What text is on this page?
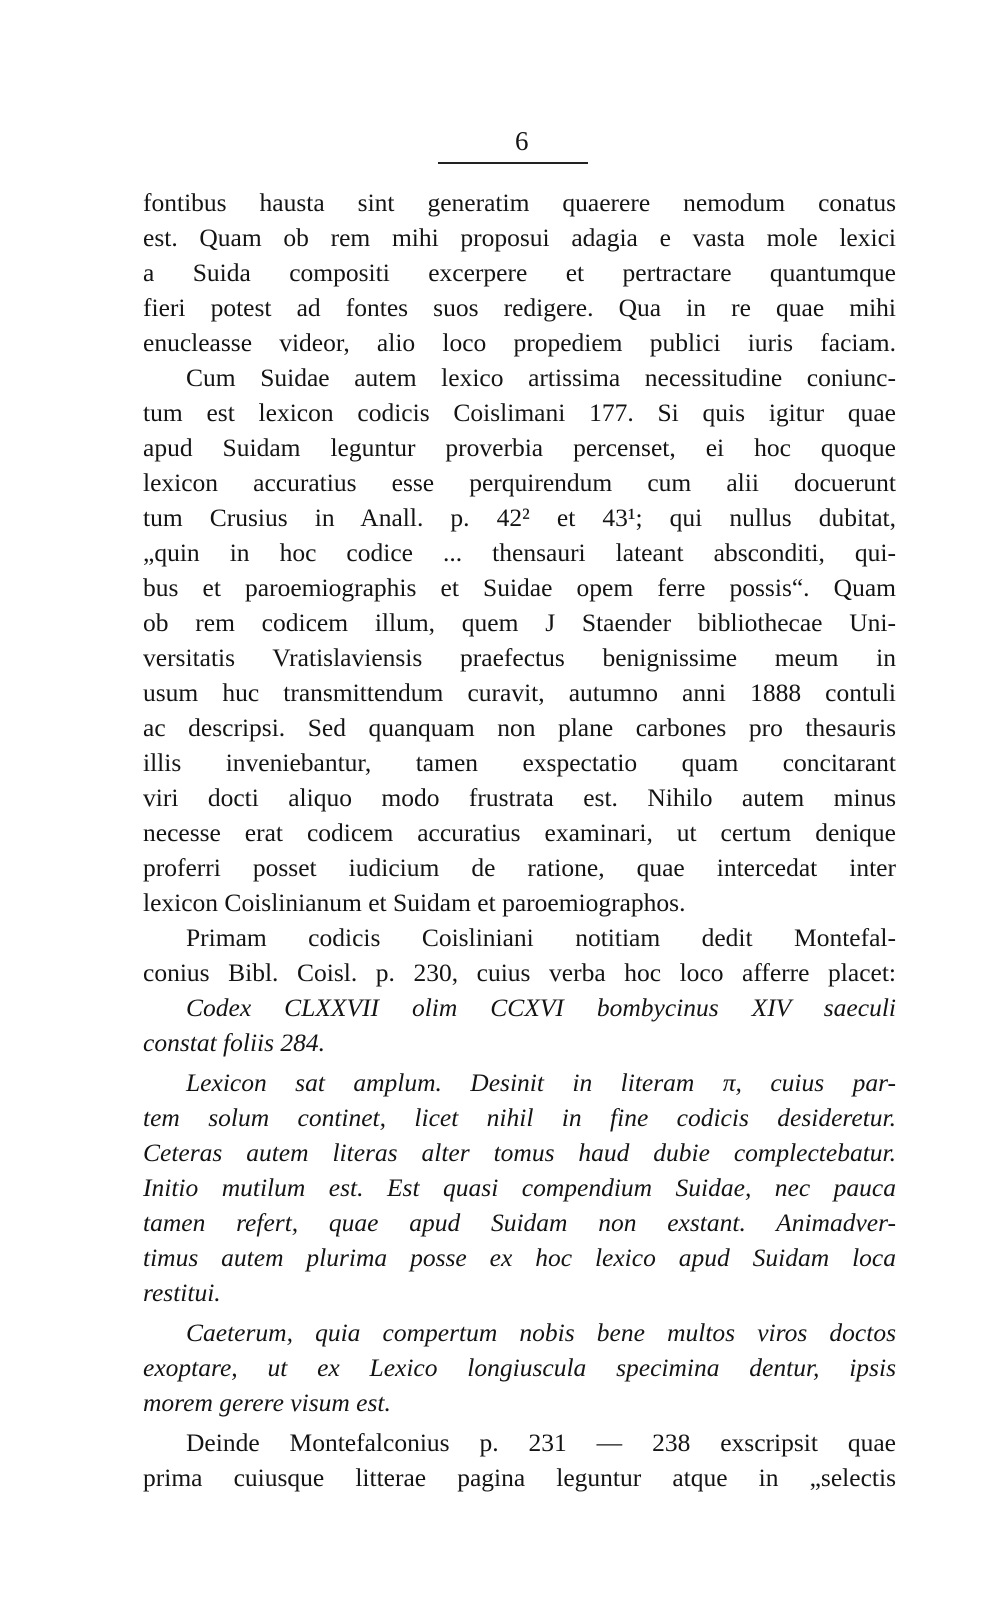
6
fontibus hausta sint generatim quaerere nemodum conatus
est. Quam ob rem mihi proposui adagia e vasta mole lexici
a Suida compositi excerpere et pertractare quantumque
fieri potest ad fontes suos redigere. Qua in re quae mihi
enucleasse videor, alio loco propediem publici iuris faciam.
Cum Suidae autem lexico artissima necessitudine coniunc-
tum est lexicon codicis Coislimani 177. Si quis igitur quae
apud Suidam leguntur proverbia percenset, ei hoc quoque
lexicon accuratius esse perquirendum cum alii docuerunt
tum Crusius in Anall. p. 42² et 43¹; qui nullus dubitat,
„quin in hoc codice ... thensauri lateant absconditi, qui-
bus et paroemiographis et Suidae opem ferre possis“. Quam
ob rem codicem illum, quem J Staender bibliothecae Uni-
versitatis Vratislaviensis praefectus benignissime meum in
usum huc transmittendum curavit, autumno anni 1888 contuli
ac descripsi. Sed quanquam non plane carbones pro thesauris
illis inveniebantur, tamen exspectatio quam concitarant
viri docti aliquo modo frustrata est. Nihilo autem minus
necesse erat codicem accuratius examinari, ut certum denique
proferri posset iudicium de ratione, quae intercedat inter
lexicon Coislinianum et Suidam et paroemiographos.
Primam codicis Coisliniani notitiam dedit Montefal-
conius Bibl. Coisl. p. 230, cuius verba hoc loco afferre placet:
Codex CLXXVII olim CCXVI bombycinus XIV saeculi
constat foliis 284.
Lexicon sat amplum. Desinit in literam π, cuius par-
tem solum continet, licet nihil in fine codicis desideretur.
Ceteras autem literas alter tomus haud dubie complectebatur.
Initio mutilum est. Est quasi compendium Suidae, nec pauca
tamen refert, quae apud Suidam non exstant. Animadver-
timus autem plurima posse ex hoc lexico apud Suidam loca
restitui.
Caeterum, quia compertum nobis bene multos viros doctos
exoptare, ut ex Lexico longiuscula specimina dentur, ipsis
morem gerere visum est.
Deinde Montefalconius p. 231 — 238 exscripsit quae
prima cuiusque litterae pagina leguntur atque in „selectis
